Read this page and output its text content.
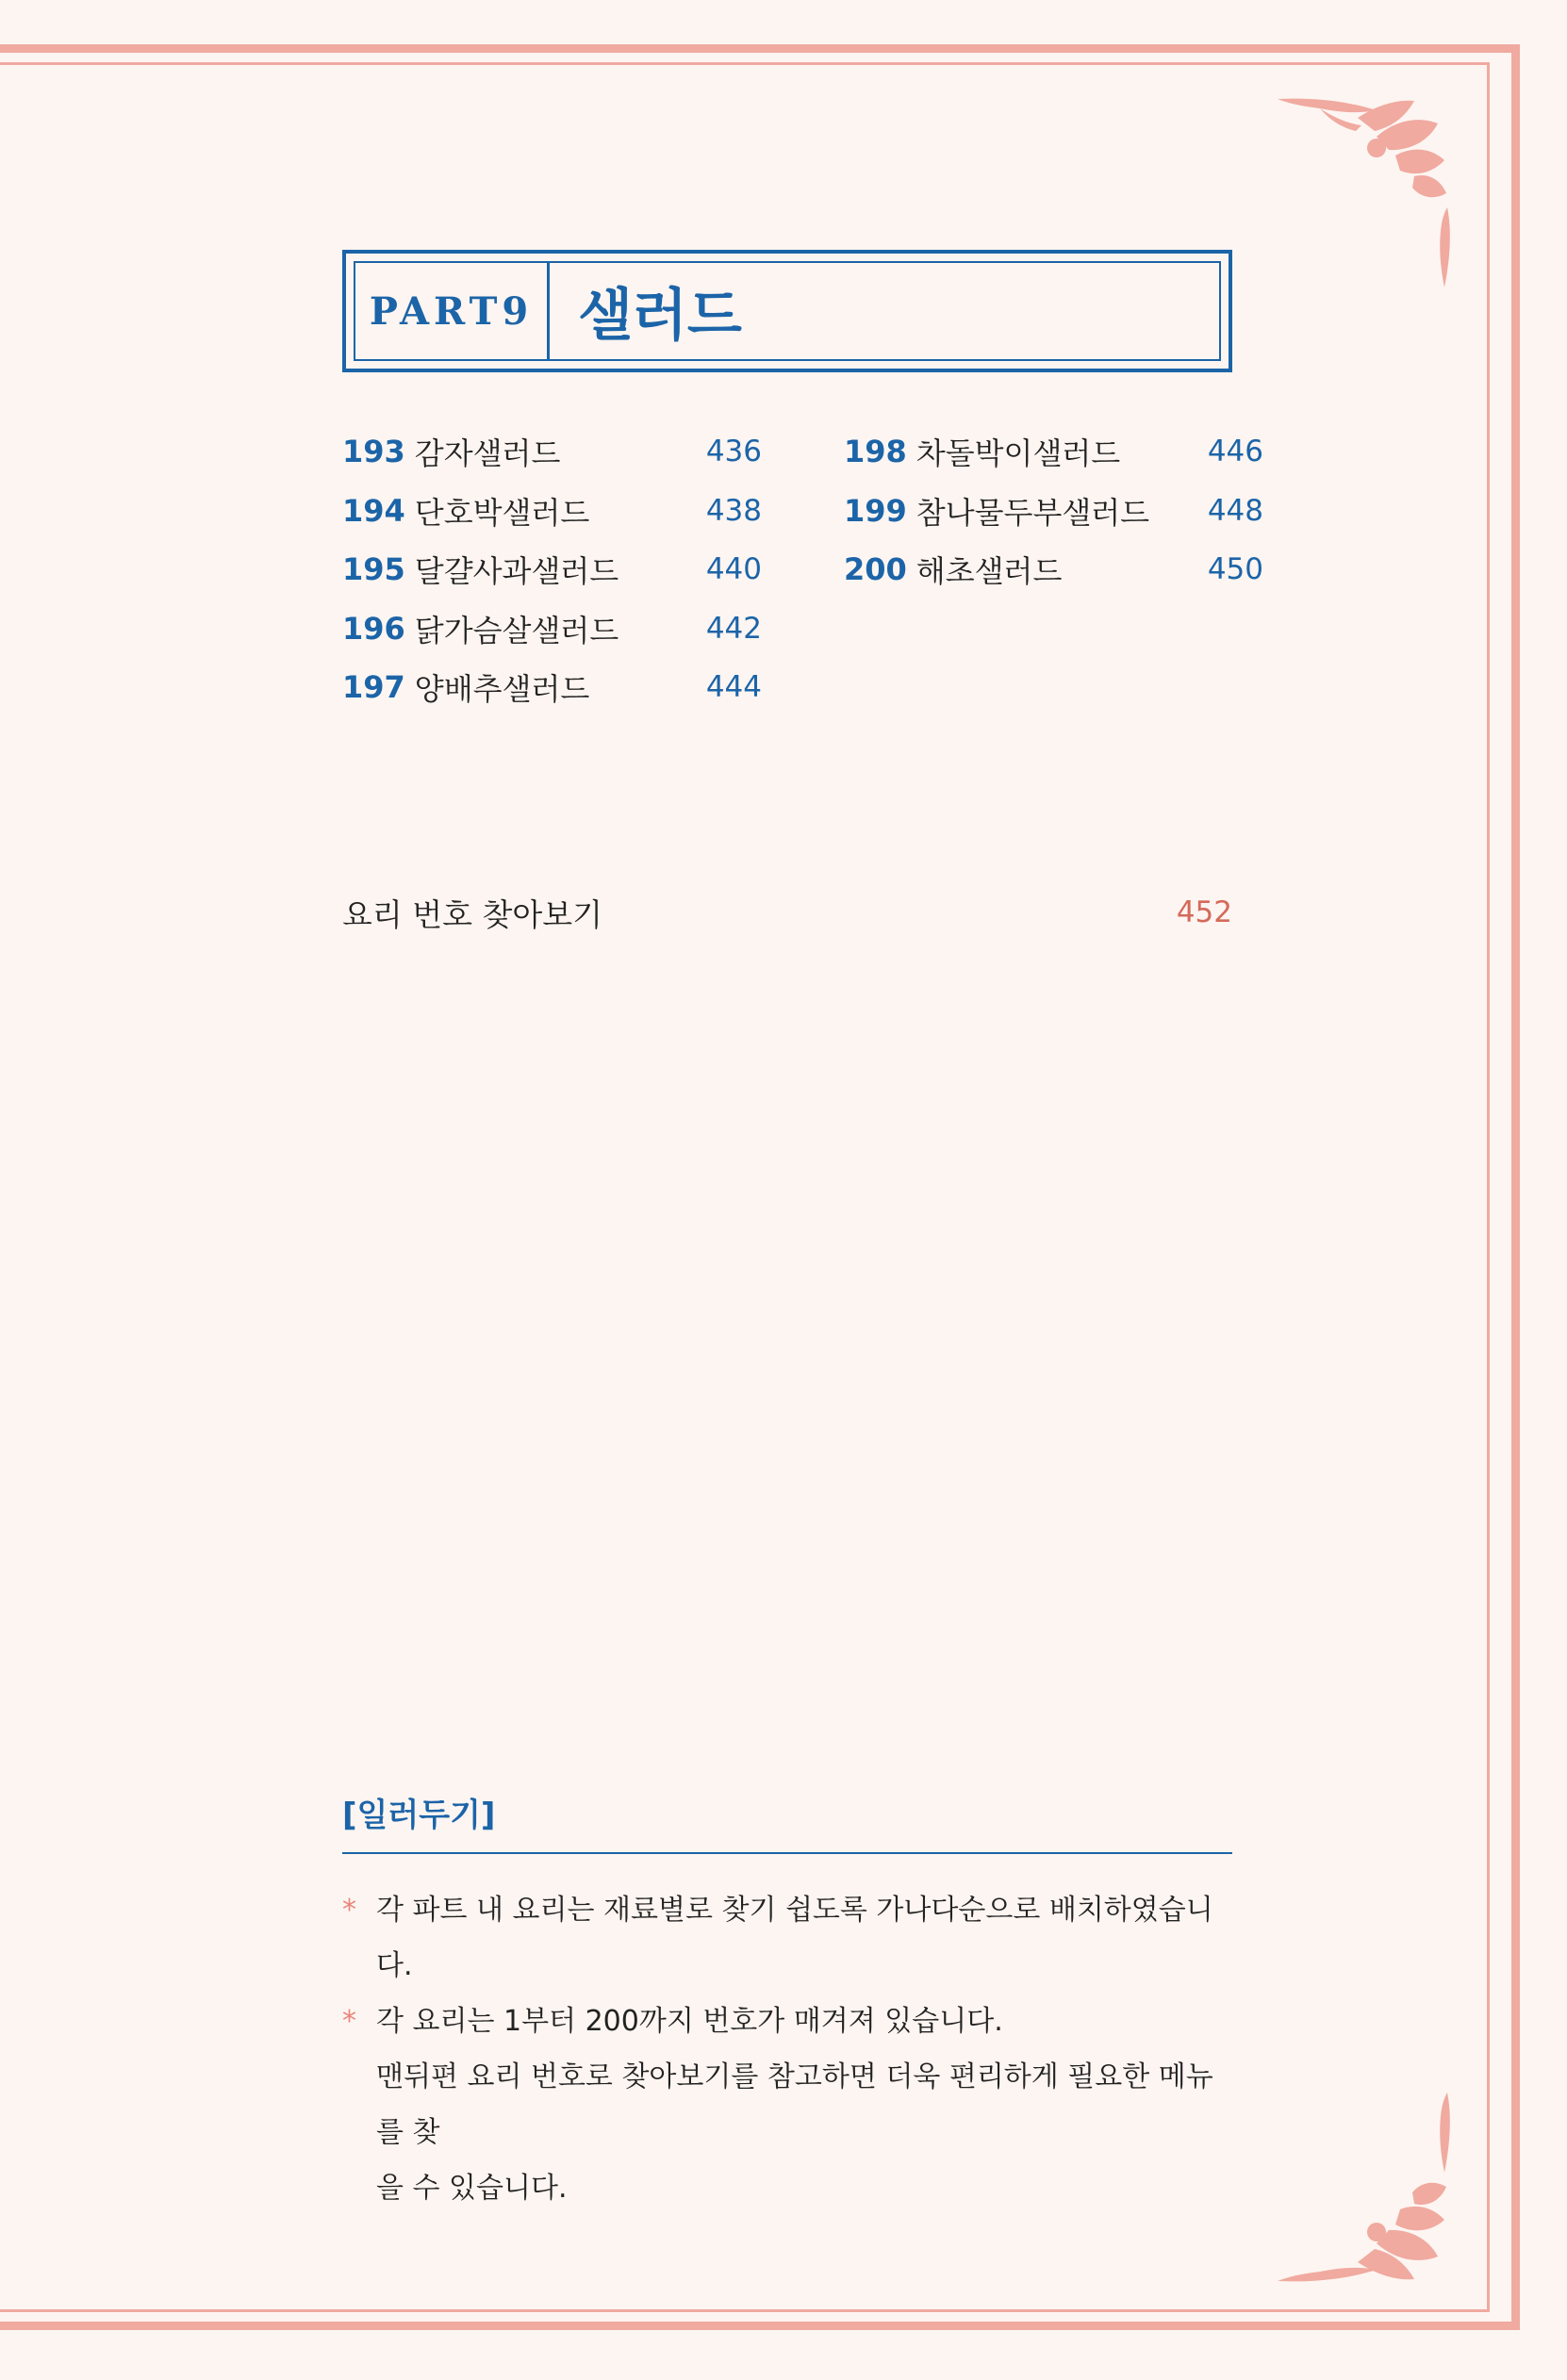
PART9 샐러드
193 감자샐러드	436
194 단호박샐러드	438
195 달걀사과샐러드	440
196 닭가슴살샐러드	442
197 양배추샐러드	444
198 차돌박이샐러드	446
199 참나물두부샐러드 448
200 해초샐러드	450
요리 번호 찾아보기	452
[일러두기]
* 각 파트 내 요리는 재료별로 찾기 쉽도록 가나다순으로 배치하였습니다.
* 각 요리는 1부터 200까지 번호가 매겨져 있습니다.
맨뒤편 요리 번호로 찾아보기를 참고하면 더욱 편리하게 필요한 메뉴를 찾
을 수 있습니다.
